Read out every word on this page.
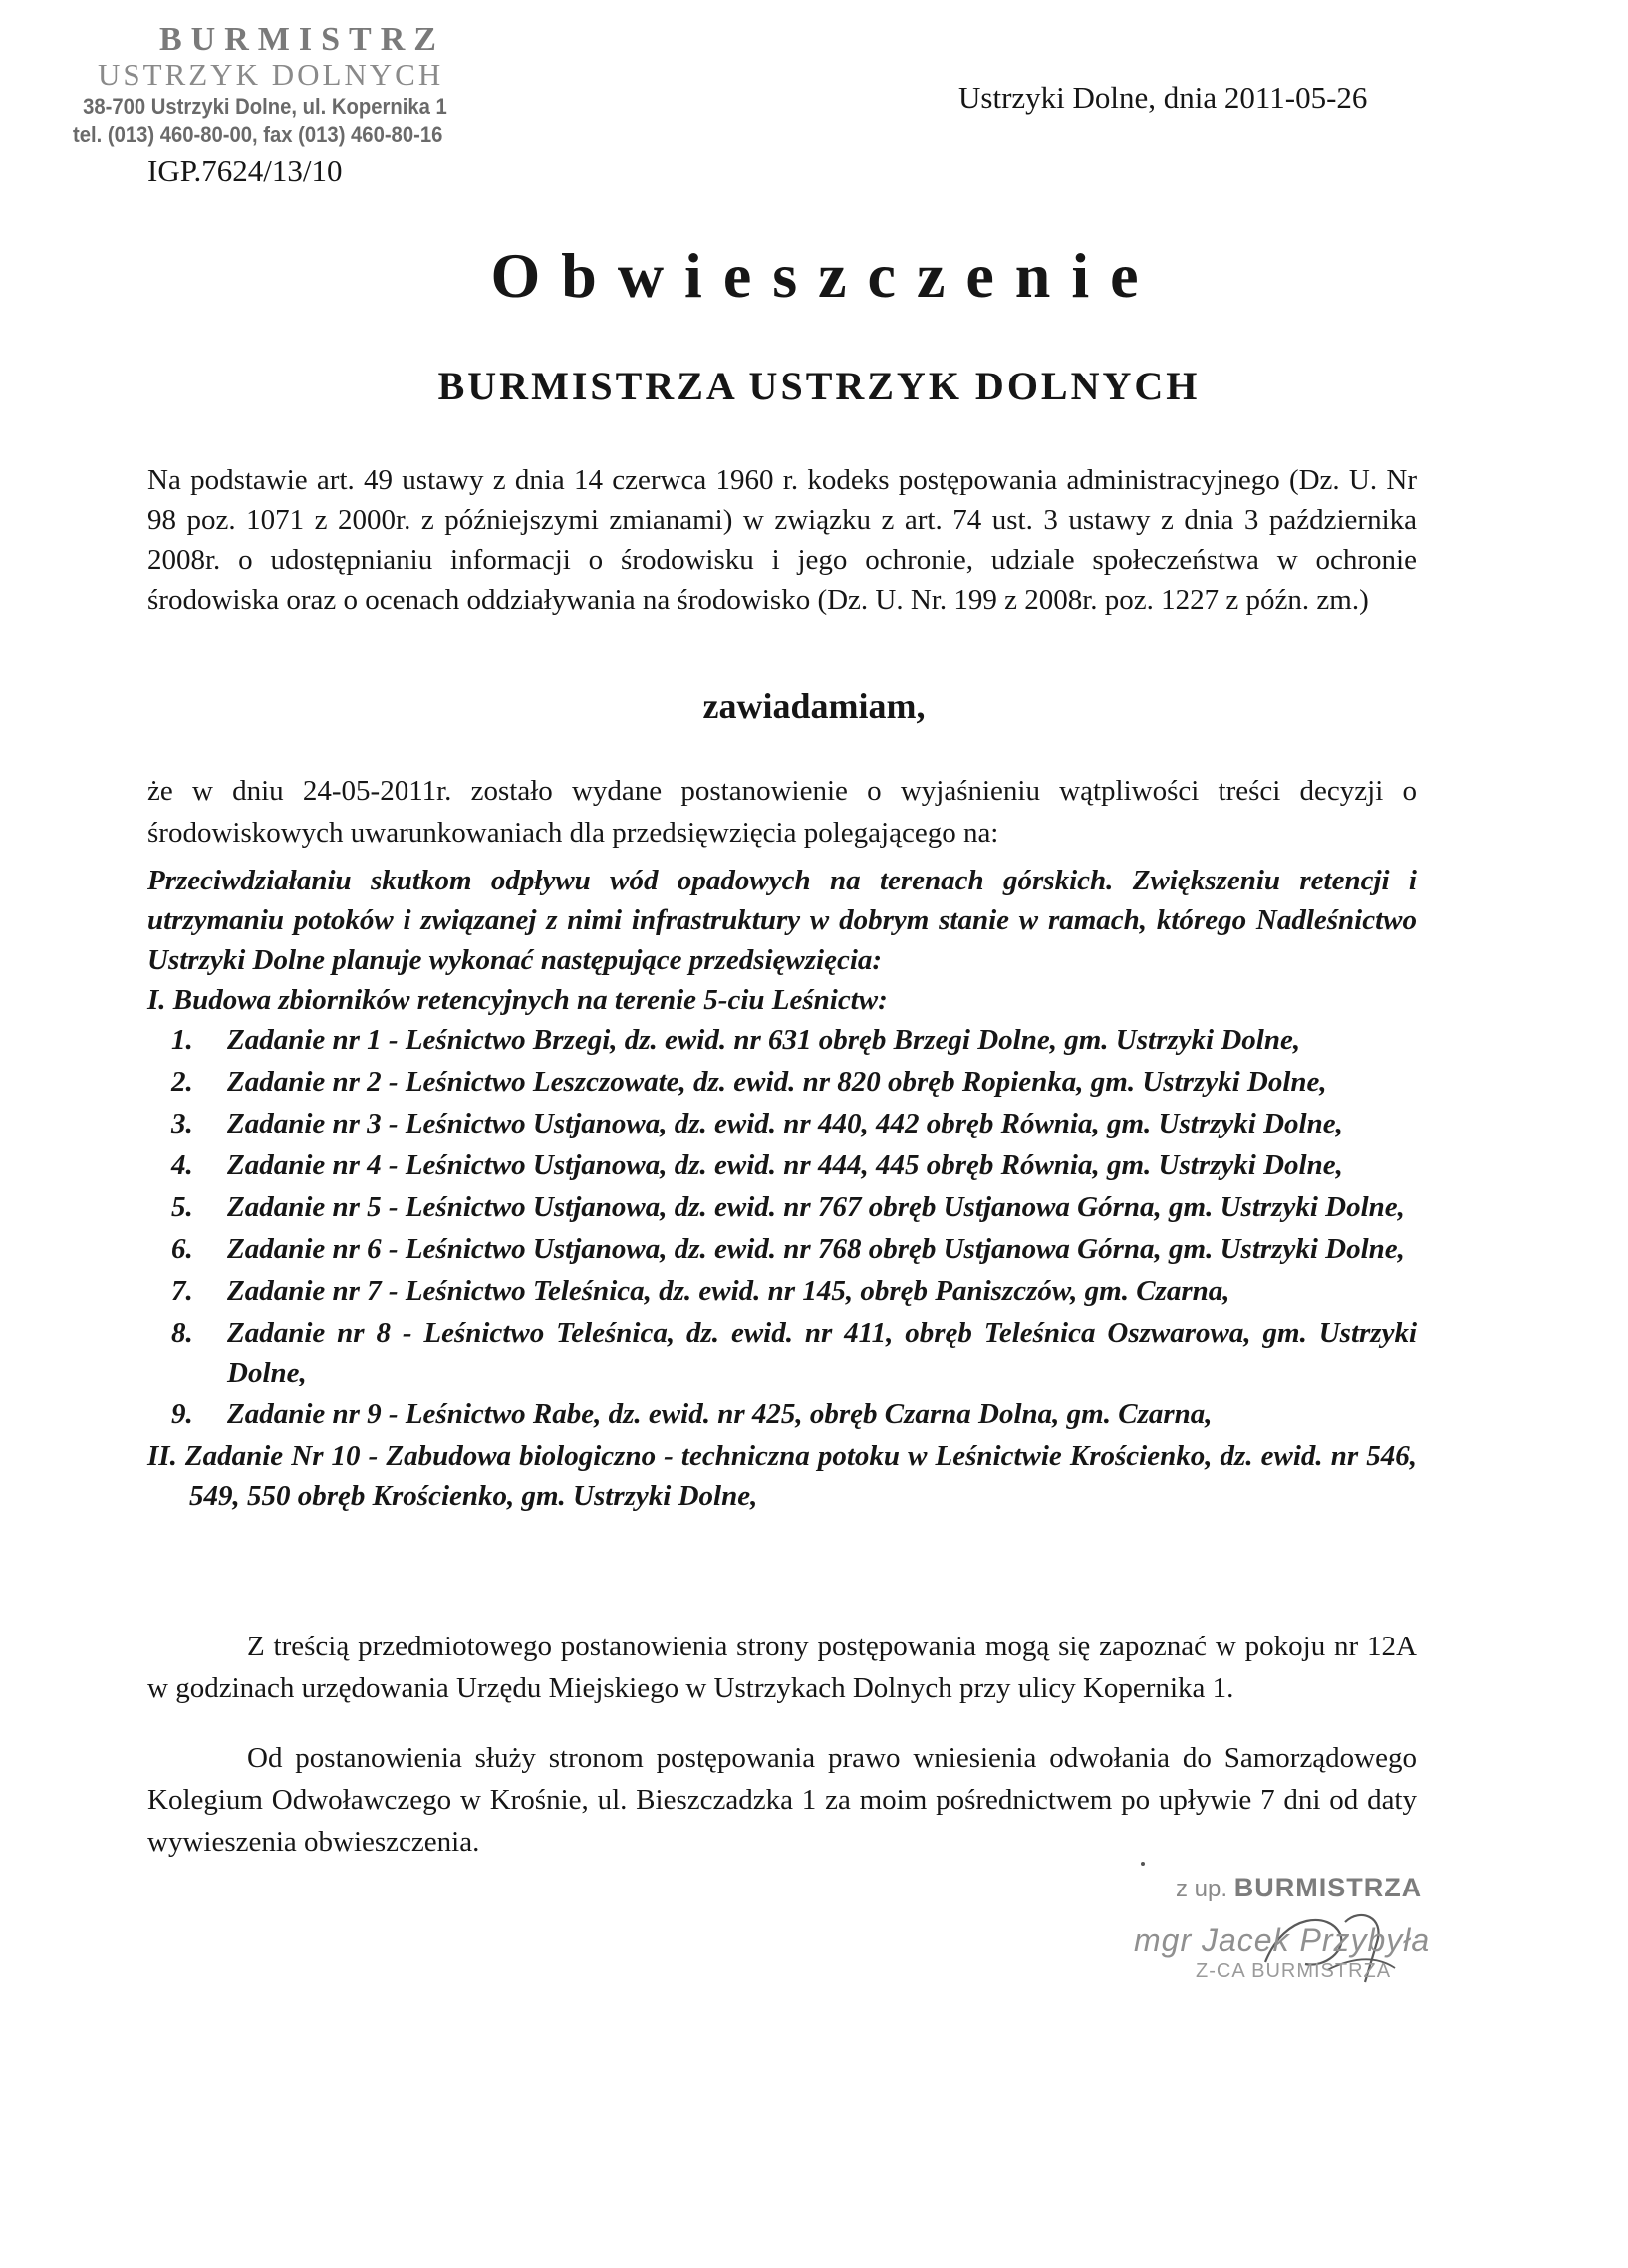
BURMISTRZ
USTRZYK DOLNYCH
38-700 Ustrzyki Dolne, ul. Kopernika 1
tel. (013) 460-80-00, fax (013) 460-80-16
Ustrzyki Dolne, dnia 2011-05-26
IGP.7624/13/10
Obwieszczenie
BURMISTRZA USTRZYK DOLNYCH
Na podstawie art. 49 ustawy z dnia 14 czerwca 1960 r. kodeks postępowania administracyjnego (Dz. U. Nr 98 poz. 1071 z 2000r. z późniejszymi zmianami) w związku z art. 74 ust. 3 ustawy z dnia 3 października 2008r. o udostępnianiu informacji o środowisku i jego ochronie, udziale społeczeństwa w ochronie środowiska oraz o ocenach oddziaływania na środowisko (Dz. U. Nr. 199 z 2008r. poz. 1227 z późn. zm.)
zawiadamiam,
że w dniu 24-05-2011r. zostało wydane postanowienie o wyjaśnieniu wątpliwości treści decyzji o środowiskowych uwarunkowaniach dla przedsięwzięcia polegającego na:

Przeciwdziałaniu skutkom odpływu wód opadowych na terenach górskich. Zwiększeniu retencji i utrzymaniu potoków i związanej z nimi infrastruktury w dobrym stanie w ramach, którego Nadleśnictwo Ustrzyki Dolne planuje wykonać następujące przedsięwzięcia:

I. Budowa zbiorników retencyjnych na terenie 5-ciu Leśnictw:

1. Zadanie nr 1 - Leśnictwo Brzegi, dz. ewid. nr 631 obręb Brzegi Dolne, gm. Ustrzyki Dolne,
2. Zadanie nr 2 - Leśnictwo Leszczowate, dz. ewid. nr 820 obręb Ropienka, gm. Ustrzyki Dolne,
3. Zadanie nr 3 - Leśnictwo Ustjanowa, dz. ewid. nr 440, 442 obręb Równia, gm. Ustrzyki Dolne,
4. Zadanie nr 4 - Leśnictwo Ustjanowa, dz. ewid. nr 444, 445 obręb Równia, gm. Ustrzyki Dolne,
5. Zadanie nr 5 - Leśnictwo Ustjanowa, dz. ewid. nr 767 obręb Ustjanowa Górna, gm. Ustrzyki Dolne,
6. Zadanie nr 6 - Leśnictwo Ustjanowa, dz. ewid. nr 768 obręb Ustjanowa Górna, gm. Ustrzyki Dolne,
7. Zadanie nr 7 - Leśnictwo Teleśnica, dz. ewid. nr 145, obręb Paniszczów, gm. Czarna,
8. Zadanie nr 8 - Leśnictwo Teleśnica, dz. ewid. nr 411, obręb Teleśnica Oszwarowa, gm. Ustrzyki Dolne,
9. Zadanie nr 9 - Leśnictwo Rabe, dz. ewid. nr 425, obręb Czarna Dolna, gm. Czarna,

II. Zadanie Nr 10 - Zabudowa biologiczno - techniczna potoku w Leśnictwie Krościenko, dz. ewid. nr 546, 549, 550 obręb Krościenko, gm. Ustrzyki Dolne,

Z treścią przedmiotowego postanowienia strony postępowania mogą się zapoznać w pokoju nr 12A w godzinach urzędowania Urzędu Miejskiego w Ustrzykach Dolnych przy ulicy Kopernika 1.

Od postanowienia służy stronom postępowania prawo wniesienia odwołania do Samorządowego Kolegium Odwoławczego w Krośnie, ul. Bieszczadzka 1 za moim pośrednictwem po upływie 7 dni od daty wywieszenia obwieszczenia.

z up. BURMISTRZA
mgr Jacek Przybyła
Z-CA BURMISTRZA
